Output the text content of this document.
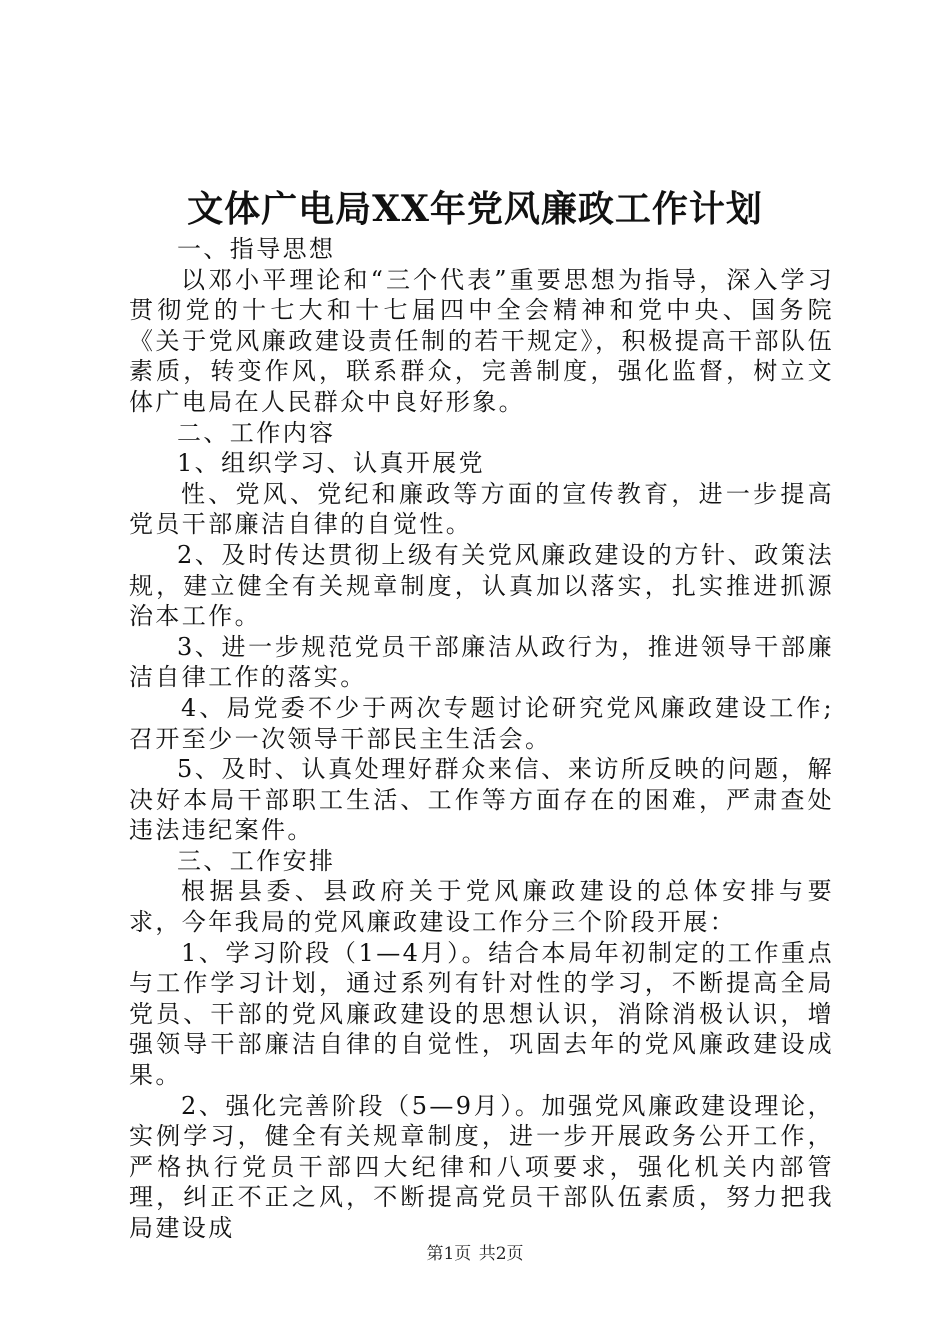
文体广电局XX年党风廉政工作计划

一、指导思想

以邓小平理论和“三个代表”重要思想为指导，深入学习贯彻党的十七大和十七届四中全会精神和党中央、国务院《关于党风廉政建设责任制的若干规定》，积极提高干部队伍素质，转变作风，联系群众，完善制度，强化监督，树立文体广电局在人民群众中良好形象。

二、工作内容

1、组织学习、认真开展党

性、党风、党纪和廉政等方面的宣传教育，进一步提高党员干部廉洁自律的自觉性。

2、及时传达贯彻上级有关党风廉政建设的方针、政策法规，建立健全有关规章制度，认真加以落实，扎实推进抓源治本工作。

3、进一步规范党员干部廉洁从政行为，推进领导干部廉洁自律工作的落实。

4、局党委不少于两次专题讨论研究党风廉政建设工作;召开至少一次领导干部民主生活会。

5、及时、认真处理好群众来信、来访所反映的问题，解决好本局干部职工生活、工作等方面存在的困难，严肃查处违法违纪案件。

三、工作安排

根据县委、县政府关于党风廉政建设的总体安排与要求，今年我局的党风廉政建设工作分三个阶段开展：

1、学习阶段（1—4月）。结合本局年初制定的工作重点与工作学习计划，通过系列有针对性的学习，不断提高全局党员、干部的党风廉政建设的思想认识，消除消极认识，增强领导干部廉洁自律的自觉性，巩固去年的党风廉政建设成果。

2、强化完善阶段（5—9月）。加强党风廉政建设理论，实例学习，健全有关规章制度，进一步开展政务公开工作，严格执行党员干部四大纪律和八项要求，强化机关内部管理，纠正不正之风，不断提高党员干部队伍素质，努力把我局建设成

第1页 共2页
